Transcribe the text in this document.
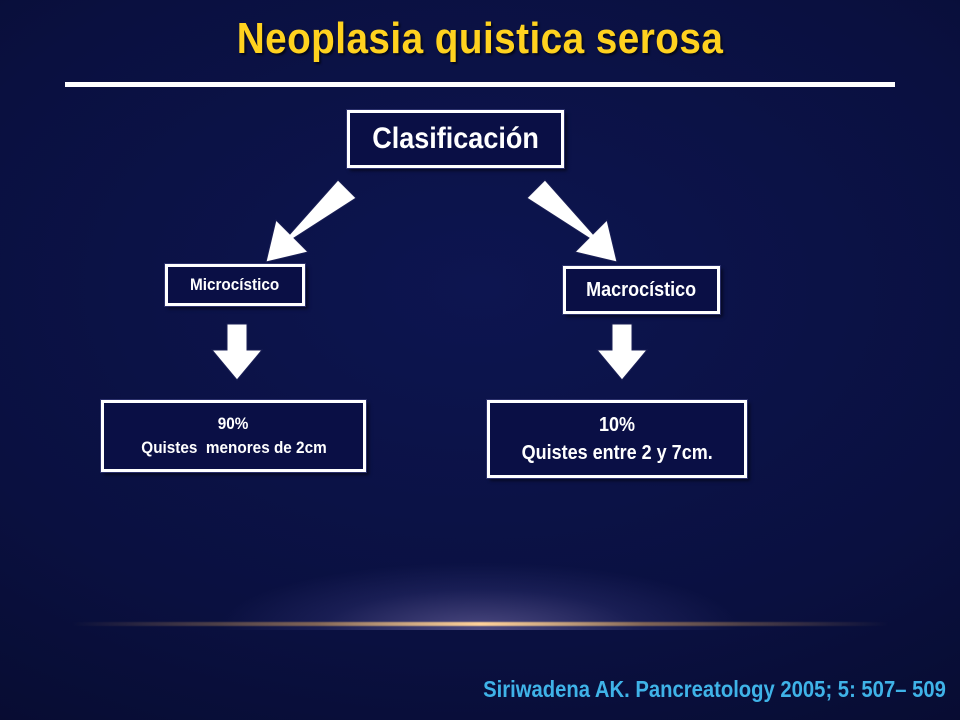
Neoplasia quistica serosa
Clasificación
Microcístico	Macrocístico
90%
Quistes  menores de 2cm
10%
Quistes entre 2 y 7cm.
Siriwadena AK. Pancreatology 2005; 5: 507– 509
